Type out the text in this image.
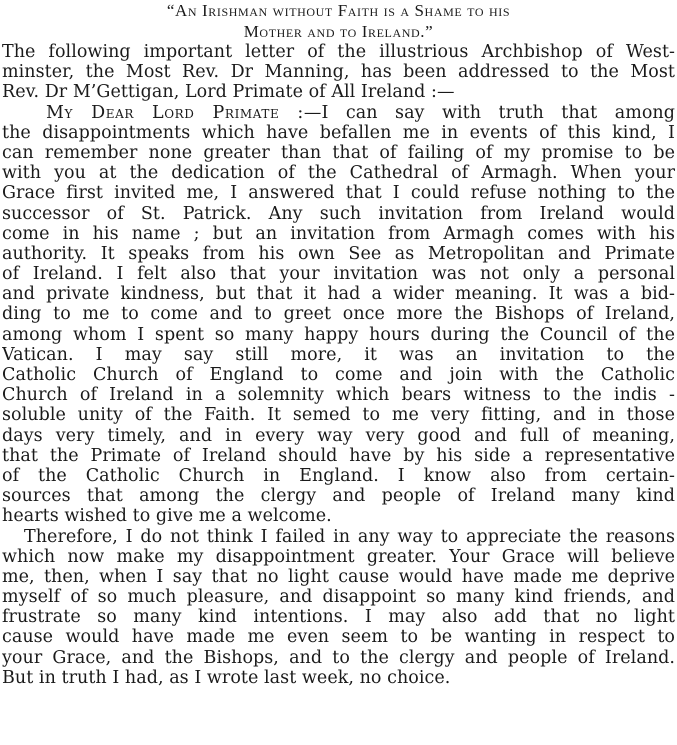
“An Irishman without Faith is a Shame to his
Mother and to Ireland.”
The following important letter of the illustrious Archbishop of West-
minster, the Most Rev. Dr Manning, has been addressed to the Most
Rev. Dr M’Gettigan, Lord Primate of All Ireland :—
My Dear Lord Primate :—I can say with truth that among
the disappointments which have befallen me in events of this kind, I
can remember none greater than that of failing of my promise to be
with you at the dedication of the Cathedral of Armagh. When your
Grace first invited me, I answered that I could refuse nothing to the
successor of St. Patrick. Any such invitation from Ireland would
come in his name ; but an invitation from Armagh comes with his
authority. It speaks from his own See as Metropolitan and Primate
of Ireland. I felt also that your invitation was not only a personal
and private kindness, but that it had a wider meaning. It was a bid-
ding to me to come and to greet once more the Bishops of Ireland,
among whom I spent so many happy hours during the Council of the
Vatican. I may say still more, it was an invitation to the
Catholic Church of England to come and join with the Catholic
Church of Ireland in a solemnity which bears witness to the indis -
soluble unity of the Faith. It semed to me very fitting, and in those
days very timely, and in every way very good and full of meaning,
that the Primate of Ireland should have by his side a representative
of the Catholic Church in England. I know also from certain-
sources that among the clergy and people of Ireland many kind
hearts wished to give me a welcome.
Therefore, I do not think I failed in any way to appreciate the reasons
which now make my disappointment greater. Your Grace will believe
me, then, when I say that no light cause would have made me deprive
myself of so much pleasure, and disappoint so many kind friends, and
frustrate so many kind intentions. I may also add that no light
cause would have made me even seem to be wanting in respect to
your Grace, and the Bishops, and to the clergy and people of Ireland.
But in truth I had, as I wrote last week, no choice.
